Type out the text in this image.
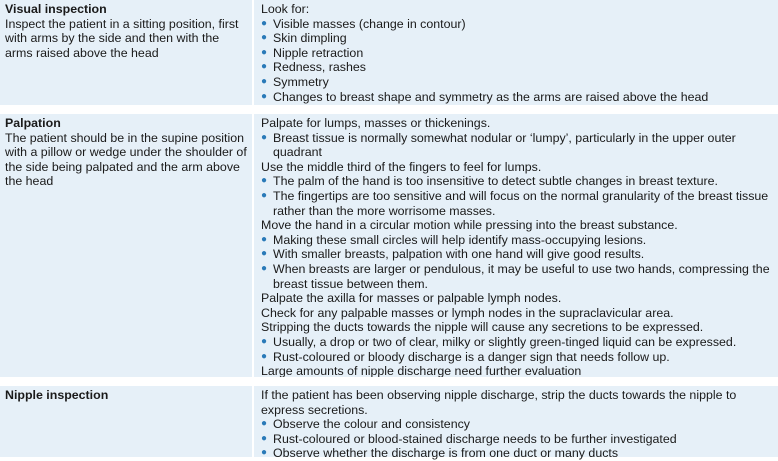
Visual inspection

Inspect the patient in a sitting position, first with arms by the side and then with the arms raised above the head

Look for:

● Visible masses (change in contour)
● Skin dimpling
● Nipple retraction
● Redness, rashes
● Symmetry
● Changes to breast shape and symmetry as the arms are raised above the head

Palpation

The patient should be in the supine position with a pillow or wedge under the shoulder of the side being palpated and the arm above the head

Palpate for lumps, masses or thickenings.

● Breast tissue is normally somewhat nodular or ‘lumpy’, particularly in the upper outer quadrant

Use the middle third of the fingers to feel for lumps.

● The palm of the hand is too insensitive to detect subtle changes in breast texture.
● The fingertips are too sensitive and will focus on the normal granularity of the breast tissue rather than the more worrisome masses.

Move the hand in a circular motion while pressing into the breast substance.

● Making these small circles will help identify mass-occupying lesions.
● With smaller breasts, palpation with one hand will give good results.
● When breasts are larger or pendulous, it may be useful to use two hands, compressing the breast tissue between them.

Palpate the axilla for masses or palpable lymph nodes.

Check for any palpable masses or lymph nodes in the supraclavicular area.

Stripping the ducts towards the nipple will cause any secretions to be expressed.

● Usually, a drop or two of clear, milky or slightly green-tinged liquid can be expressed.
● Rust-coloured or bloody discharge is a danger sign that needs follow up.

Large amounts of nipple discharge need further evaluation

Nipple inspection	If the patient has been observing nipple discharge, strip the ducts towards the nipple to express secretions.

● Observe the colour and consistency
● Rust-coloured or blood-stained discharge needs to be further investigated
● Observe whether the discharge is from one duct or many ducts
